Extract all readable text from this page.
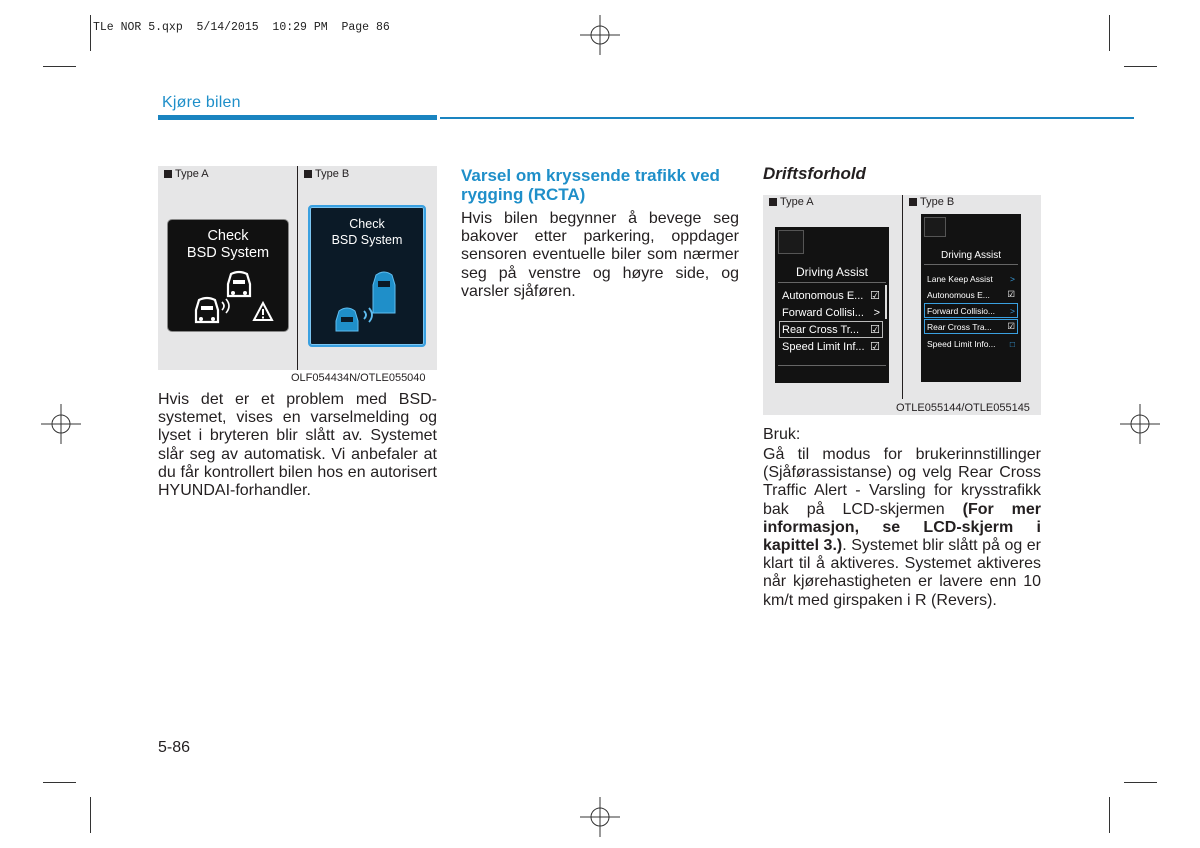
TLe NOR 5.qxp  5/14/2015  10:29 PM  Page 86
Kjøre bilen
Type A	Type B
Check
BSD System
Check
BSD System
OLF054434N/OTLE055040
Hvis det er et problem med BSD-systemet, vises en varselmelding og lyset i bryteren blir slått av. Systemet slår seg av automatisk. Vi anbefaler at du får kontrollert bilen hos en autorisert HYUNDAI-forhandler.
Varsel om kryssende trafikk ved rygging (RCTA)
Hvis bilen begynner å bevege seg bakover etter parkering, oppdager sensoren eventuelle biler som nærmer seg på venstre og høyre side, og varsler sjåføren.
Driftsforhold
Type A	Type B
Driving Assist
Autonomous E... ☑
Forward Collisi... >
Rear Cross Tr... ☑
Speed Limit Inf... ☑
Driving Assist
Lane Keep Assist >
Autonomous E... ☑
Forward Collisio... >
Rear Cross Tra... ☑
Speed Limit Info... □
OTLE055144/OTLE055145
Bruk:
Gå til modus for brukerinnstillinger (Sjåførassistanse) og velg Rear Cross Traffic Alert - Varsling for krysstrafikk bak på LCD-skjermen (For mer informasjon, se LCD-skjerm i kapittel 3.). Systemet blir slått på og er klart til å aktiveres. Systemet aktiveres når kjørehastigheten er lavere enn 10 km/t med girspaken i R (Revers).
5-86
